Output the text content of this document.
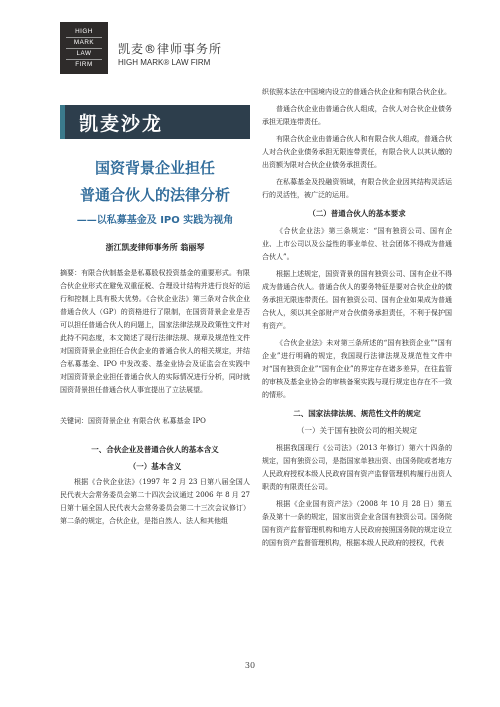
HIGH
MARK
LAW
FIRM
凯麦®律师事务所
HIGH MARK® LAW FIRM
凯麦沙龙
国资背景企业担任
普通合伙人的法律分析
——以私募基金及 IPO 实践为视角
浙江凯麦律师事务所 翁丽琴

摘要：有限合伙制基金是私募股权投资基金的重要形式。有限合伙企业形式在避免双重征税、合理设计结构并进行良好的运行和控制上具有极大优势。《合伙企业法》第三条对合伙企业普通合伙人（GP）的资格进行了限制，在国资背景企业是否可以担任普通合伙人的问题上，国家法律法规及政策性文件对此持不同态度，本文简述了现行法律法规、规章及规范性文件对国资背景企业担任合伙企业的普通合伙人的相关规定，并结合私募基金、IPO 中发改委、基金业协会及证监会在实践中对国资背景企业担任普通合伙人的实际情况进行分析，同时就国资背景担任普通合伙人事宜提出了立法展望。

关键词：国资背景企业 有限合伙 私募基金 IPO

一、合伙企业及普通合伙人的基本含义
（一）基本含义

根据《合伙企业法》（1997 年 2 月 23 日第八届全国人民代表大会常务委员会第二十四次会议通过 2006 年 8 月 27 日第十届全国人民代表大会常务委员会第二十三次会议修订）第二条的规定，合伙企业，是指自然人、法人和其他组

织依照本法在中国境内设立的普通合伙企业和有限合伙企业。

普通合伙企业由普通合伙人组成，合伙人对合伙企业债务承担无限连带责任。

有限合伙企业由普通合伙人和有限合伙人组成，普通合伙人对合伙企业债务承担无限连带责任，有限合伙人以其认缴的出资额为限对合伙企业债务承担责任。

在私募基金及投融资领域，有限合伙企业因其结构灵活运行的灵活性，被广泛的运用。

（二）普通合伙人的基本要求

《合伙企业法》第三条规定：“国有独资公司、国有企业、上市公司以及公益性的事业单位、社会团体不得成为普通合伙人”。

根据上述规定，国资背景的国有独资公司、国有企业不得成为普通合伙人。普通合伙人的要务特征是要对合伙企业的债务承担无限连带责任。国有独资公司、国有企业如果成为普通合伙人，须以其全部财产对合伙债务承担责任，不利于保护国有资产。

《合伙企业法》未对第三条所述的“国有独资企业”“国有企业”进行明确的规定，我国现行法律法规及规范性文件中对“国有独资企业”“国有企业”的界定存在诸多差异，在往监管的审核及基金业协会的审核备案实践与现行规定也存在不一致的情形。

二、国家法律法规、规范性文件的规定
（一）关于国有独资公司的相关规定

根据我国现行《公司法》（2013 年修订）第六十四条的规定，国有独资公司，是指国家单独出资、由国务院或者地方人民政府授权本级人民政府国有资产监督管理机构履行出资人职责的有限责任公司。

根据《企业国有资产法》（2008 年 10 月 28 日）第五条及第十一条的规定，国家出资企业含国有独资公司。国务院国有资产监督管理机构和地方人民政府按照国务院的规定设立的国有资产监督管理机构，根据本级人民政府的授权，代表

30
